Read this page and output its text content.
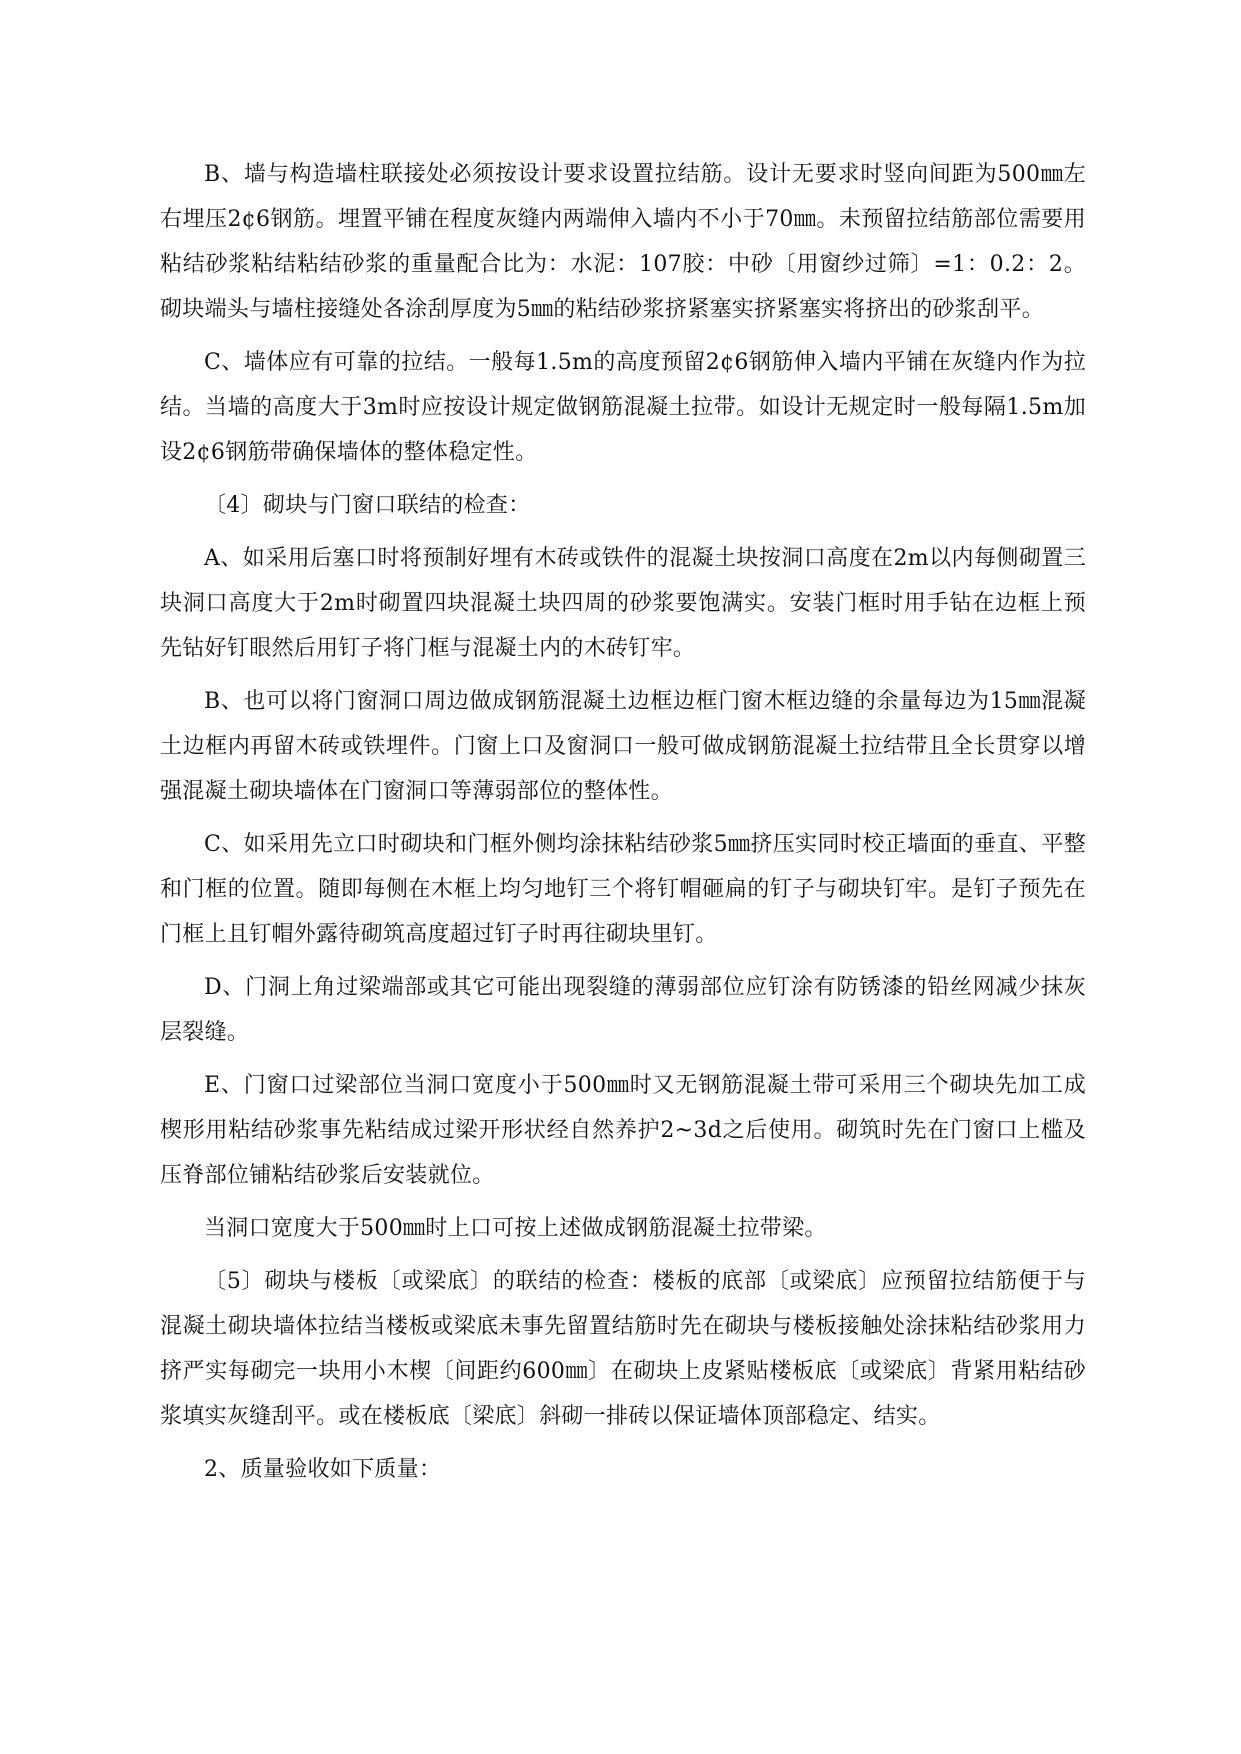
B、墙与构造墙柱联接处必须按设计要求设置拉结筋。设计无要求时竖向间距为500㎜左右埋压2¢6钢筋。埋置平铺在程度灰缝内两端伸入墙内不小于70㎜。未预留拉结筋部位需要用粘结砂浆粘结粘结砂浆的重量配合比为：水泥：107胶：中砂〔用窗纱过筛〕=1：0.2：2。砌块端头与墙柱接缝处各涂刮厚度为5㎜的粘结砂浆挤紧塞实挤紧塞实将挤出的砂浆刮平。

C、墙体应有可靠的拉结。一般每1.5m的高度预留2¢6钢筋伸入墙内平铺在灰缝内作为拉结。当墙的高度大于3m时应按设计规定做钢筋混凝土拉带。如设计无规定时一般每隔1.5m加设2¢6钢筋带确保墙体的整体稳定性。

〔4〕砌块与门窗口联结的检查：

A、如采用后塞口时将预制好埋有木砖或铁件的混凝土块按洞口高度在2m以内每侧砌置三块洞口高度大于2m时砌置四块混凝土块四周的砂浆要饱满实。安装门框时用手钻在边框上预先钻好钉眼然后用钉子将门框与混凝土内的木砖钉牢。

B、也可以将门窗洞口周边做成钢筋混凝土边框边框门窗木框边缝的余量每边为15㎜混凝土边框内再留木砖或铁埋件。门窗上口及窗洞口一般可做成钢筋混凝土拉结带且全长贯穿以增强混凝土砌块墙体在门窗洞口等薄弱部位的整体性。

C、如采用先立口时砌块和门框外侧均涂抹粘结砂浆5㎜挤压实同时校正墙面的垂直、平整和门框的位置。随即每侧在木框上均匀地钉三个将钉帽砸扁的钉子与砌块钉牢。是钉子预先在门框上且钉帽外露待砌筑高度超过钉子时再往砌块里钉。

D、门洞上角过梁端部或其它可能出现裂缝的薄弱部位应钉涂有防锈漆的铅丝网减少抹灰层裂缝。

E、门窗口过梁部位当洞口宽度小于500㎜时又无钢筋混凝土带可采用三个砌块先加工成楔形用粘结砂浆事先粘结成过梁开形状经自然养护2~3d之后使用。砌筑时先在门窗口上槛及压脊部位铺粘结砂浆后安装就位。

当洞口宽度大于500㎜时上口可按上述做成钢筋混凝土拉带梁。

〔5〕砌块与楼板〔或梁底〕的联结的检查：楼板的底部〔或梁底〕应预留拉结筋便于与混凝土砌块墙体拉结当楼板或梁底未事先留置结筋时先在砌块与楼板接触处涂抹粘结砂浆用力挤严实每砌完一块用小木楔〔间距约600㎜〕在砌块上皮紧贴楼板底〔或梁底〕背紧用粘结砂浆填实灰缝刮平。或在楼板底〔梁底〕斜砌一排砖以保证墙体顶部稳定、结实。

2、质量验收如下质量：
